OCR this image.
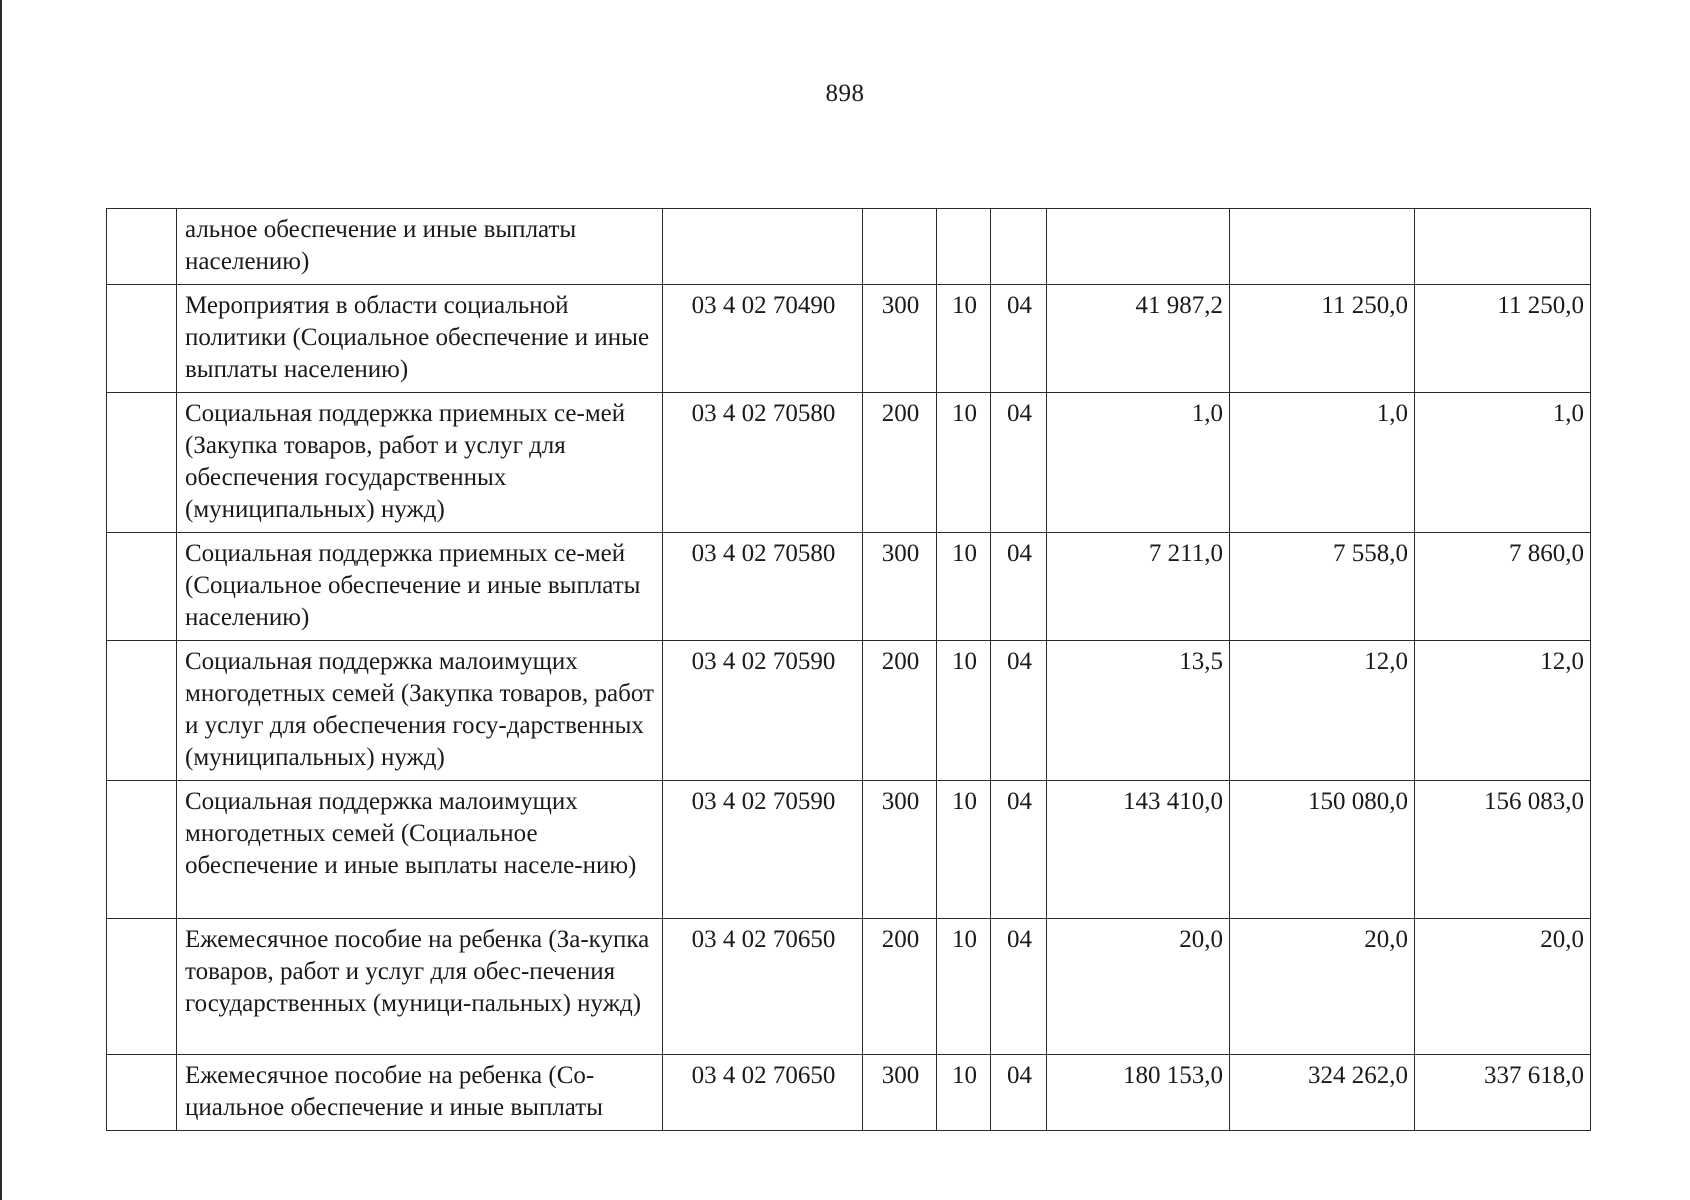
898
	альное обеспечение и иные выплаты населению)							
	Мероприятия в области социальной политики (Социальное обеспечение и иные выплаты населению)	03 4 02 70490	300	10	04	41 987,2	11 250,0	11 250,0
	Социальная поддержка приемных се-мей (Закупка товаров, работ и услуг для обеспечения государственных (муниципальных) нужд)	03 4 02 70580	200	10	04	1,0	1,0	1,0
	Социальная поддержка приемных се-мей (Социальное обеспечение и иные выплаты населению)	03 4 02 70580	300	10	04	7 211,0	7 558,0	7 860,0
	Социальная поддержка малоимущих многодетных семей (Закупка товаров, работ и услуг для обеспечения госу-дарственных (муниципальных) нужд)	03 4 02 70590	200	10	04	13,5	12,0	12,0
	Социальная поддержка малоимущих многодетных семей (Социальное обеспечение и иные выплаты населе-нию)	03 4 02 70590	300	10	04	143 410,0	150 080,0	156 083,0
	Ежемесячное пособие на ребенка (За-купка товаров, работ и услуг для обес-печения государственных (муници-пальных) нужд)	03 4 02 70650	200	10	04	20,0	20,0	20,0
	Ежемесячное пособие на ребенка (Со-циальное обеспечение и иные выплаты	03 4 02 70650	300	10	04	180 153,0	324 262,0	337 618,0
